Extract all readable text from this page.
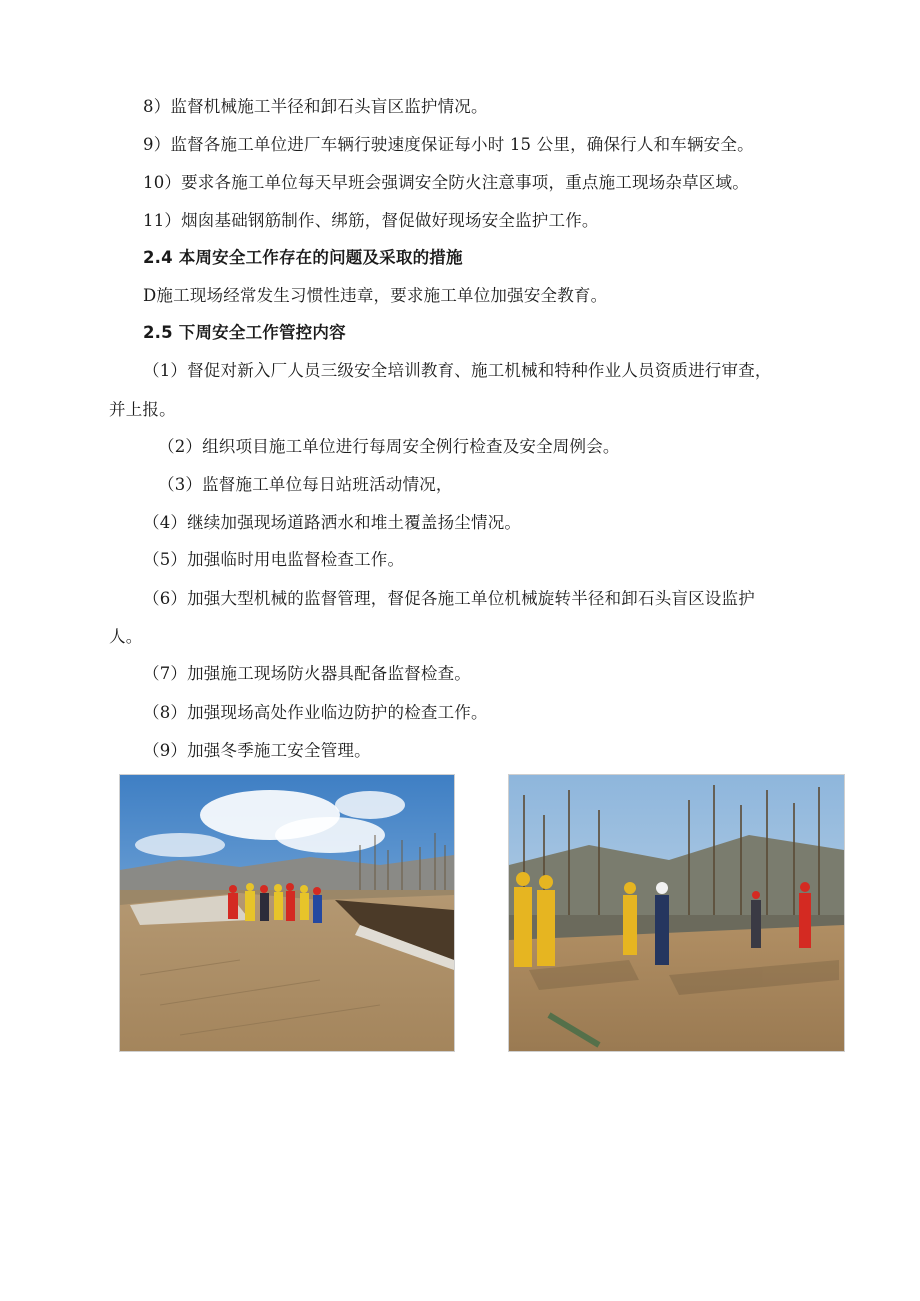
8）监督机械施工半径和卸石头盲区监护情况。
9）监督各施工单位进厂车辆行驶速度保证每小时 15 公里，确保行人和车辆安全。
10）要求各施工单位每天早班会强调安全防火注意事项，重点施工现场杂草区域。
11）烟囱基础钢筋制作、绑筋，督促做好现场安全监护工作。
2.4 本周安全工作存在的问题及采取的措施
D施工现场经常发生习惯性违章，要求施工单位加强安全教育。
2.5 下周安全工作管控内容
（1）督促对新入厂人员三级安全培训教育、施工机械和特种作业人员资质进行审查，
并上报。
（2）组织项目施工单位进行每周安全例行检查及安全周例会。
（3）监督施工单位每日站班活动情况，
（4）继续加强现场道路洒水和堆土覆盖扬尘情况。
（5）加强临时用电监督检查工作。
（6）加强大型机械的监督管理，督促各施工单位机械旋转半径和卸石头盲区设监护
人。
（7）加强施工现场防火器具配备监督检查。
（8）加强现场高处作业临边防护的检查工作。
（9）加强冬季施工安全管理。
